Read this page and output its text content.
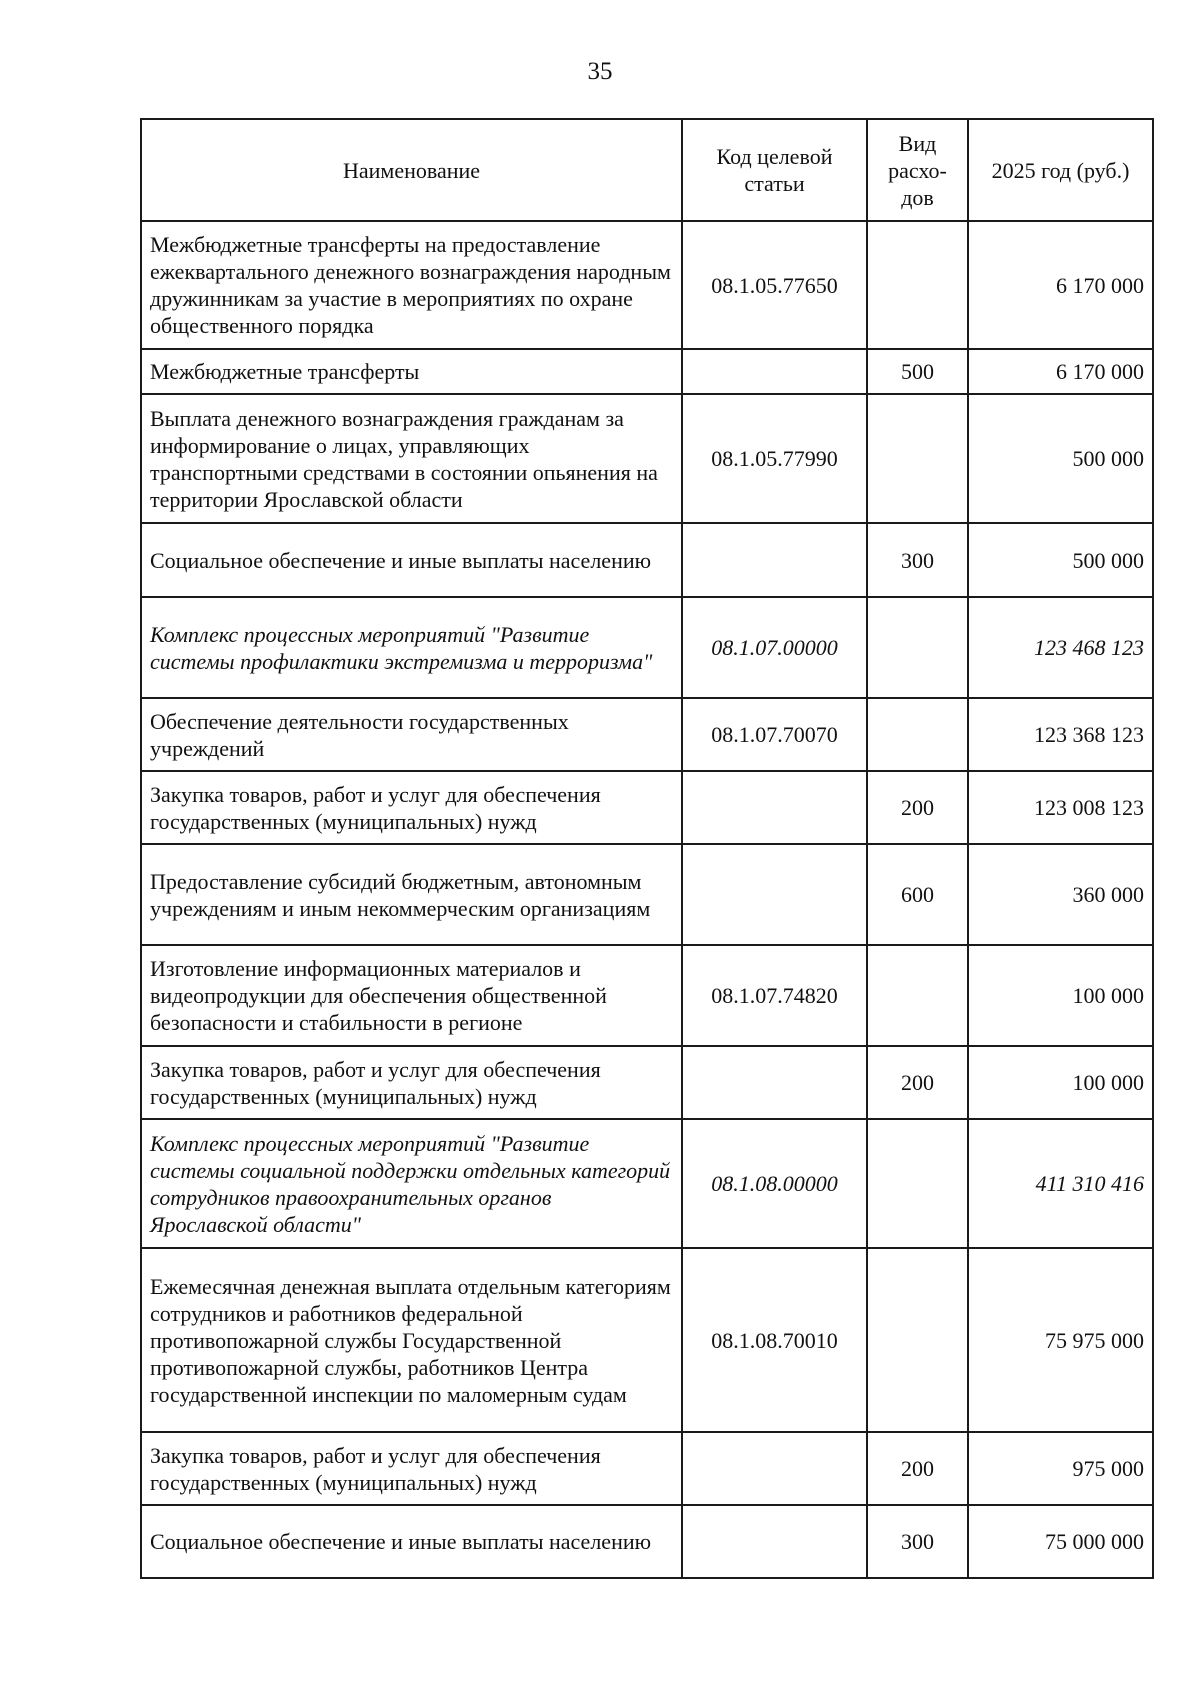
35
Наименование	Код целевой статьи	Вид расхо-дов	2025 год (руб.)
Межбюджетные трансферты на предоставление ежеквартального денежного вознаграждения народным дружинникам за участие в мероприятиях по охране общественного порядка	08.1.05.77650		6 170 000
Межбюджетные трансферты		500	6 170 000
Выплата денежного вознаграждения гражданам за информирование о лицах, управляющих транспортными средствами в состоянии опьянения на территории Ярославской области	08.1.05.77990		500 000
Социальное обеспечение и иные выплаты населению		300	500 000
Комплекс процессных мероприятий "Развитие системы профилактики экстремизма и терроризма"	08.1.07.00000		123 468 123
Обеспечение деятельности государственных учреждений	08.1.07.70070		123 368 123
Закупка товаров, работ и услуг для обеспечения государственных (муниципальных) нужд		200	123 008 123
Предоставление субсидий бюджетным, автономным учреждениям и иным некоммерческим организациям		600	360 000
Изготовление информационных материалов и видеопродукции для обеспечения общественной безопасности и стабильности в регионе	08.1.07.74820		100 000
Закупка товаров, работ и услуг для обеспечения государственных (муниципальных) нужд		200	100 000
Комплекс процессных мероприятий "Развитие системы социальной поддержки отдельных категорий сотрудников правоохранительных органов Ярославской области"	08.1.08.00000		411 310 416
Ежемесячная денежная выплата отдельным категориям сотрудников и работников федеральной противопожарной службы Государственной противопожарной службы, работников Центра государственной инспекции по маломерным судам	08.1.08.70010		75 975 000
Закупка товаров, работ и услуг для обеспечения государственных (муниципальных) нужд		200	975 000
Социальное обеспечение и иные выплаты населению		300	75 000 000
